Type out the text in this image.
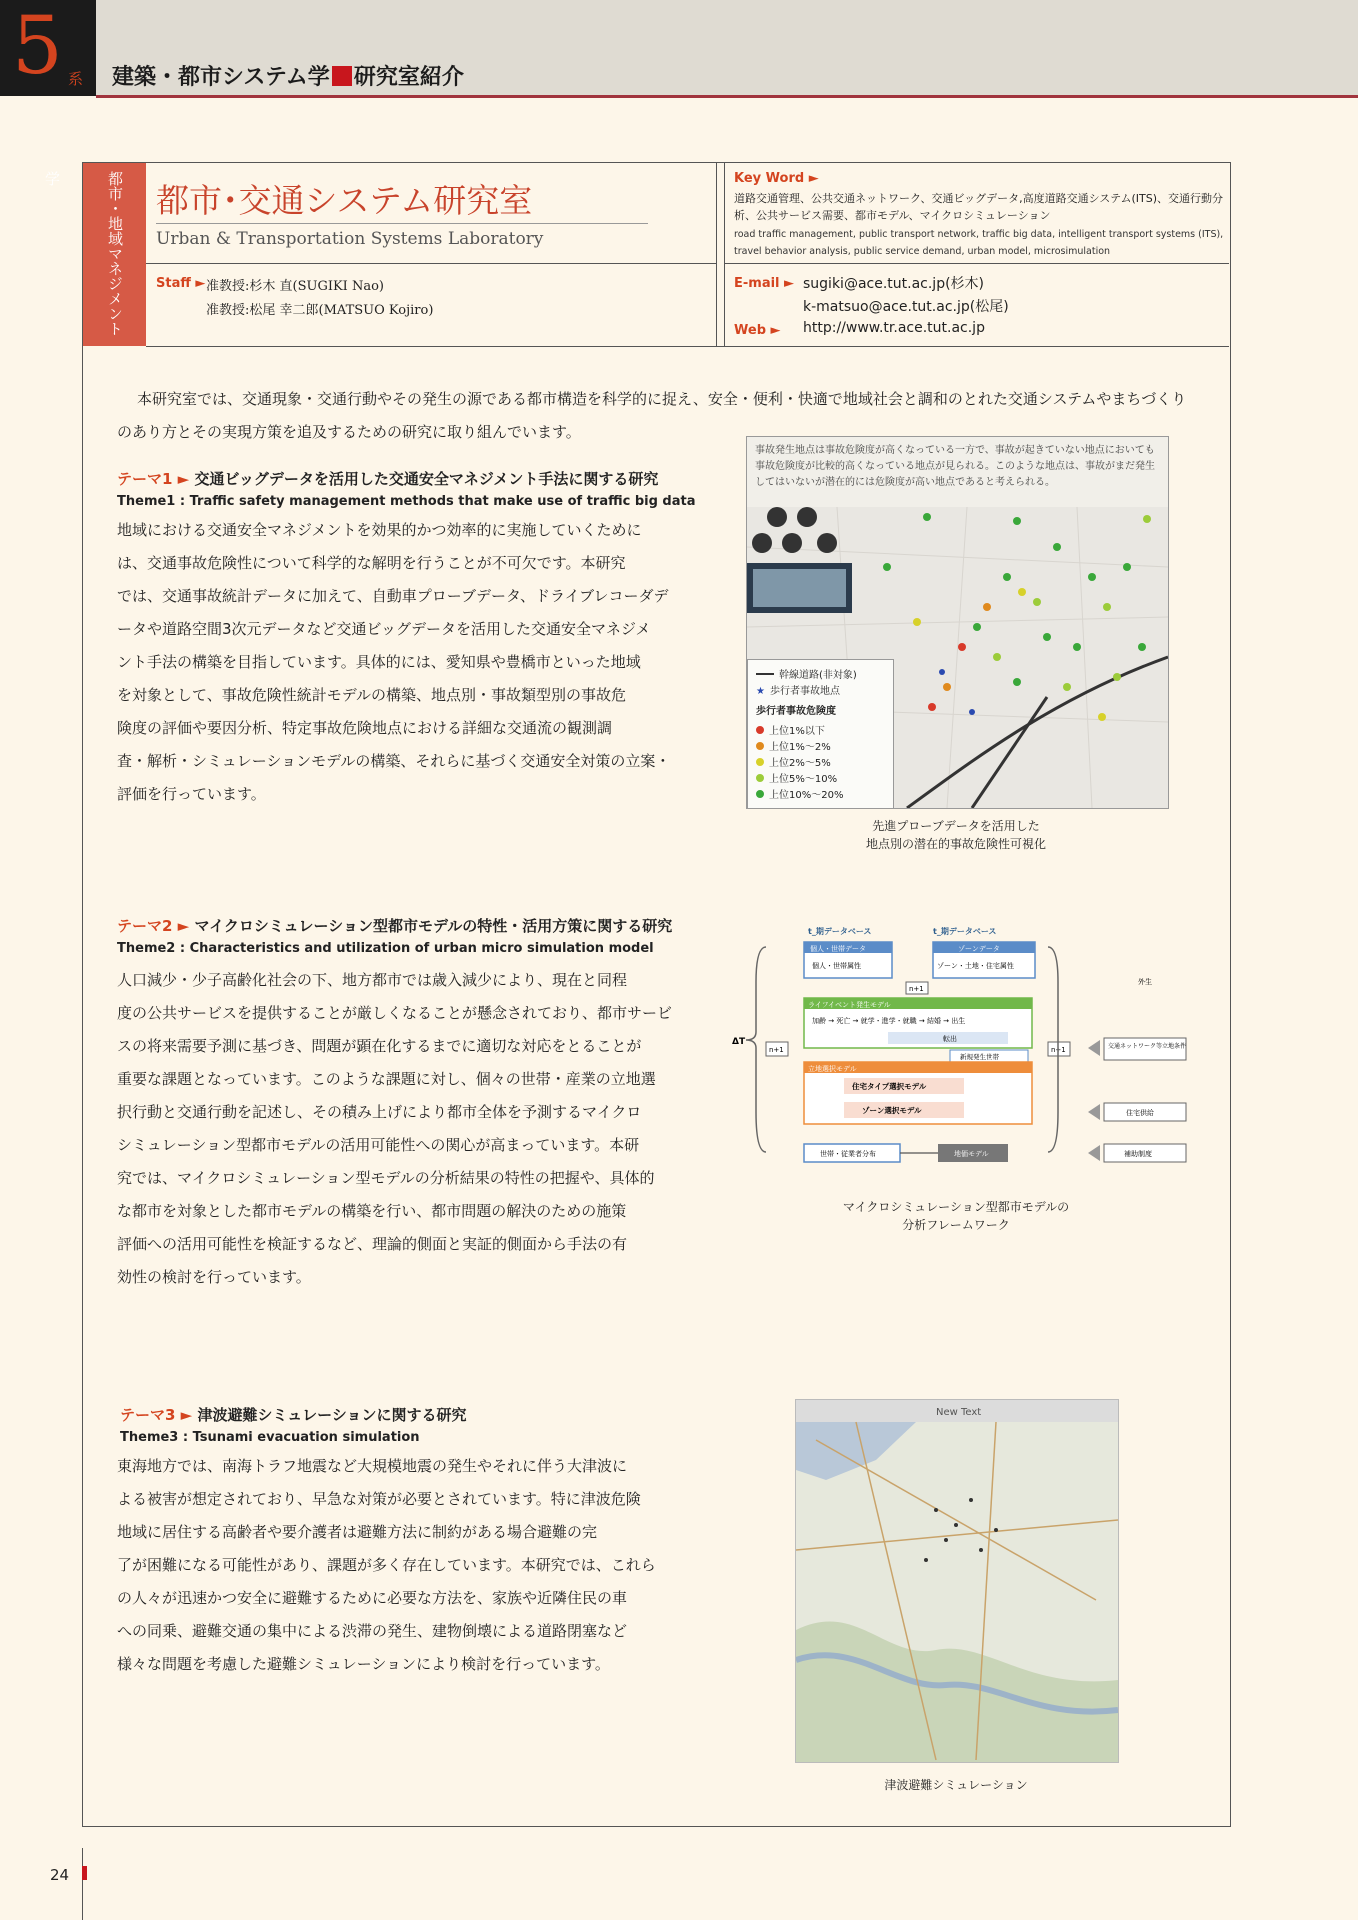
5 系 建築・都市システム学 研究室紹介
都市・地域マネジメント学
都市･交通システム研究室
Urban & Transportation Systems Laboratory
Staff ► 准教授:杉木 直(SUGIKI Nao)
准教授:松尾 幸二郎(MATSUO Kojiro)
Key Word ►
道路交通管理、公共交通ネットワーク、交通ビッグデータ,高度道路交通システム(ITS)、交通行動分析、公共サービス需要、都市モデル、マイクロシミュレーション
road traffic management, public transport network, traffic big data, intelligent transport systems (ITS), travel behavior analysis, public service demand, urban model, microsimulation
E-mail ► sugiki@ace.tut.ac.jp(杉木)
k-matsuo@ace.tut.ac.jp(松尾)
Web ► http://www.tr.ace.tut.ac.jp
本研究室では、交通現象・交通行動やその発生の源である都市構造を科学的に捉え、安全・便利・快適で地域社会と調和のとれた交通システムやまちづくりのあり方とその実現方策を追及するための研究に取り組んでいます。
テーマ1 ► 交通ビッグデータを活用した交通安全マネジメント手法に関する研究
Theme1 : Traffic safety management methods that make use of traffic big data
地域における交通安全マネジメントを効果的かつ効率的に実施していくために
は、交通事故危険性について科学的な解明を行うことが不可欠です。本研究
では、交通事故統計データに加えて、自動車プローブデータ、ドライブレコーダデ
ータや道路空間3次元データなど交通ビッグデータを活用した交通安全マネジメ
ント手法の構築を目指しています。具体的には、愛知県や豊橋市といった地域
を対象として、事故危険性統計モデルの構築、地点別・事故類型別の事故危
険度の評価や要因分析、特定事故危険地点における詳細な交通流の観測調
査・解析・シミュレーションモデルの構築、それらに基づく交通安全対策の立案・
評価を行っています。
事故発生地点は事故危険度が高くなっている一方で、事故が起きていない地点においても事故危険度が比較的高くなっている地点が見られる。このような地点は、事故がまだ発生してはいないが潜在的には危険度が高い地点であると考えられる。
幹線道路(非対象)
★ 歩行者事故地点
歩行者事故危険度
上位1%以下
上位1%〜2%
上位2%〜5%
上位5%〜10%
上位10%〜20%
先進プローブデータを活用した
地点別の潜在的事故危険性可視化
テーマ2 ► マイクロシミュレーション型都市モデルの特性・活用方策に関する研究
Theme2 : Characteristics and utilization of urban micro simulation model
人口減少・少子高齢化社会の下、地方都市では歳入減少により、現在と同程
度の公共サービスを提供することが厳しくなることが懸念されており、都市サービ
スの将来需要予測に基づき、問題が顕在化するまでに適切な対応をとることが
重要な課題となっています。このような課題に対し、個々の世帯・産業の立地選
択行動と交通行動を記述し、その積み上げにより都市全体を予測するマイクロ
シミュレーション型都市モデルの活用可能性への関心が高まっています。本研
究では、マイクロシミュレーション型モデルの分析結果の特性の把握や、具体的
な都市を対象とした都市モデルの構築を行い、都市問題の解決のための施策
評価への活用可能性を検証するなど、理論的側面と実証的側面から手法の有
効性の検討を行っています。
t_期データベース	t_期データベース
ΔT
n+1
個人・世帯データ
個人・世帯属性
ゾーンデータ
ゾーン・土地・住宅属性
n+1
ライフイベント発生モデル
加齢 → 死亡 → 就学・進学・就職 → 結婚 → 出生
転出
新規発生世帯
立地選択モデル
住宅タイプ選択モデル
ゾーン選択モデル
n+1
世帯・従業者分布	地価モデル
外生
交通ネットワーク等立地条件
住宅供給
補助制度
マイクロシミュレーション型都市モデルの
分析フレームワーク
テーマ3 ► 津波避難シミュレーションに関する研究
Theme3 : Tsunami evacuation simulation
東海地方では、南海トラフ地震など大規模地震の発生やそれに伴う大津波に
よる被害が想定されており、早急な対策が必要とされています。特に津波危険
地域に居住する高齢者や要介護者は避難方法に制約がある場合避難の完
了が困難になる可能性があり、課題が多く存在しています。本研究では、これら
の人々が迅速かつ安全に避難するために必要な方法を、家族や近隣住民の車
への同乗、避難交通の集中による渋滞の発生、建物倒壊による道路閉塞など
様々な問題を考慮した避難シミュレーションにより検討を行っています。
New Text
津波避難シミュレーション
24
